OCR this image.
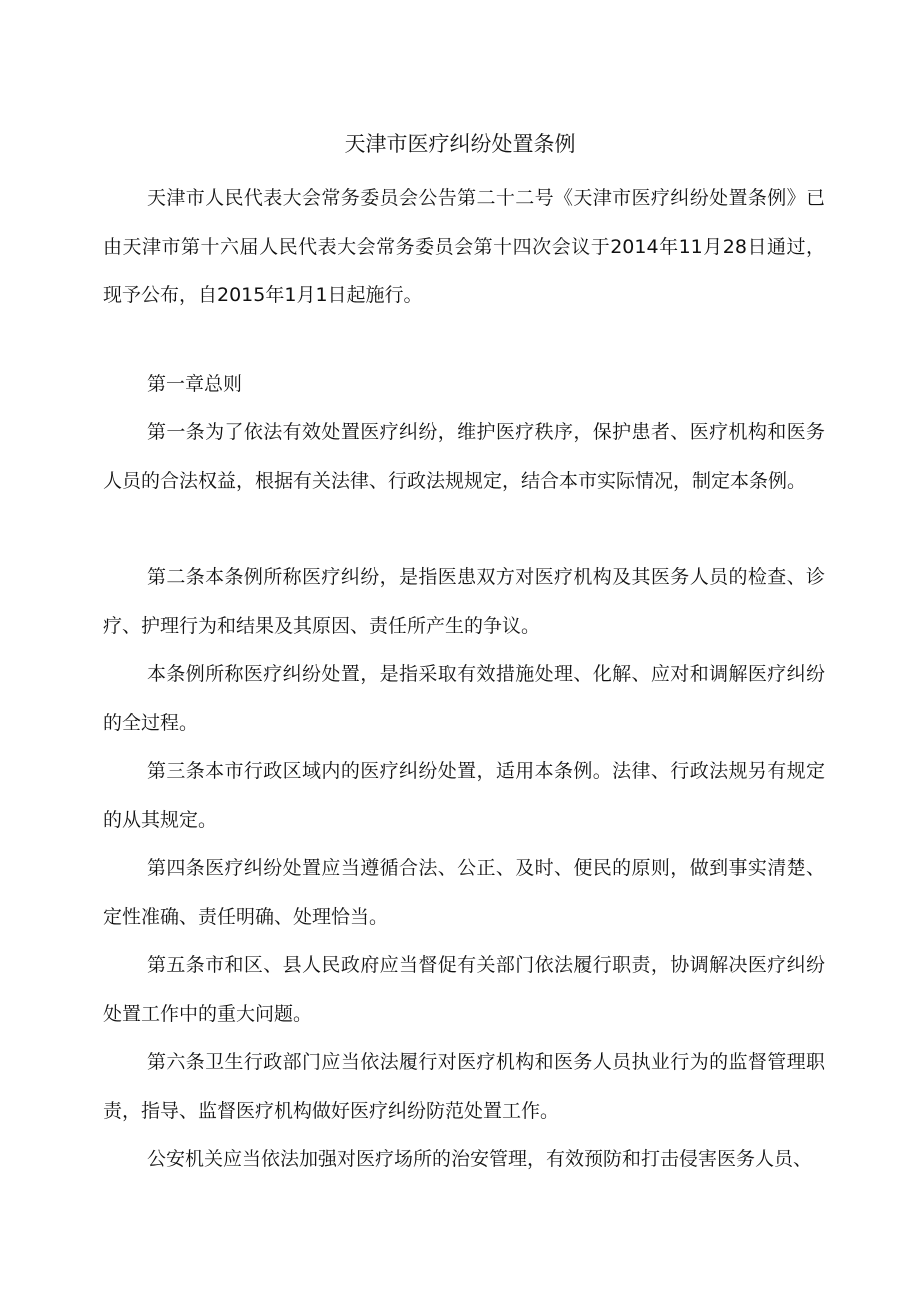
天津市医疗纠纷处置条例

天津市人民代表大会常务委员会公告第二十二号《天津市医疗纠纷处置条例》已由天津市第十六届人民代表大会常务委员会第十四次会议于2014年11月28日通过，现予公布，自2015年1月1日起施行。

第一章总则

第一条为了依法有效处置医疗纠纷，维护医疗秩序，保护患者、医疗机构和医务人员的合法权益，根据有关法律、行政法规规定，结合本市实际情况，制定本条例。

第二条本条例所称医疗纠纷，是指医患双方对医疗机构及其医务人员的检查、诊疗、护理行为和结果及其原因、责任所产生的争议。

本条例所称医疗纠纷处置，是指采取有效措施处理、化解、应对和调解医疗纠纷的全过程。

第三条本市行政区域内的医疗纠纷处置，适用本条例。法律、行政法规另有规定的从其规定。

第四条医疗纠纷处置应当遵循合法、公正、及时、便民的原则，做到事实清楚、定性准确、责任明确、处理恰当。

第五条市和区、县人民政府应当督促有关部门依法履行职责，协调解决医疗纠纷处置工作中的重大问题。

第六条卫生行政部门应当依法履行对医疗机构和医务人员执业行为的监督管理职责，指导、监督医疗机构做好医疗纠纷防范处置工作。

公安机关应当依法加强对医疗场所的治安管理，有效预防和打击侵害医务人员、
